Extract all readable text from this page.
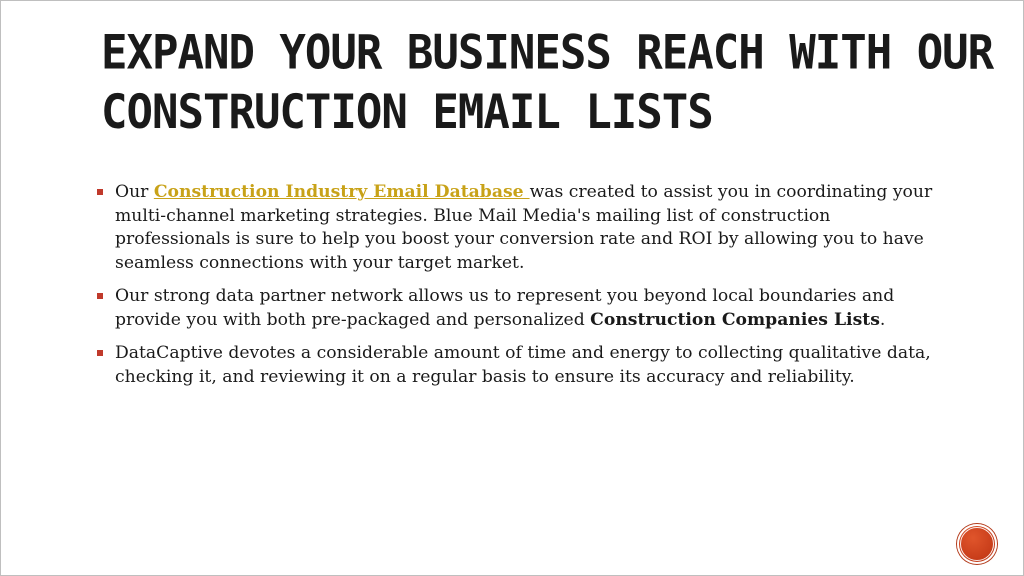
EXPAND YOUR BUSINESS REACH WITH OUR
CONSTRUCTION EMAIL LISTS

Our Construction Industry Email Database was created to assist you in coordinating your multi-channel marketing strategies. Blue Mail Media's mailing list of construction professionals is sure to help you boost your conversion rate and ROI by allowing you to have seamless connections with your target market.

Our strong data partner network allows us to represent you beyond local boundaries and provide you with both pre-packaged and personalized Construction Companies Lists.

DataCaptive devotes a considerable amount of time and energy to collecting qualitative data, checking it, and reviewing it on a regular basis to ensure its accuracy and reliability.
